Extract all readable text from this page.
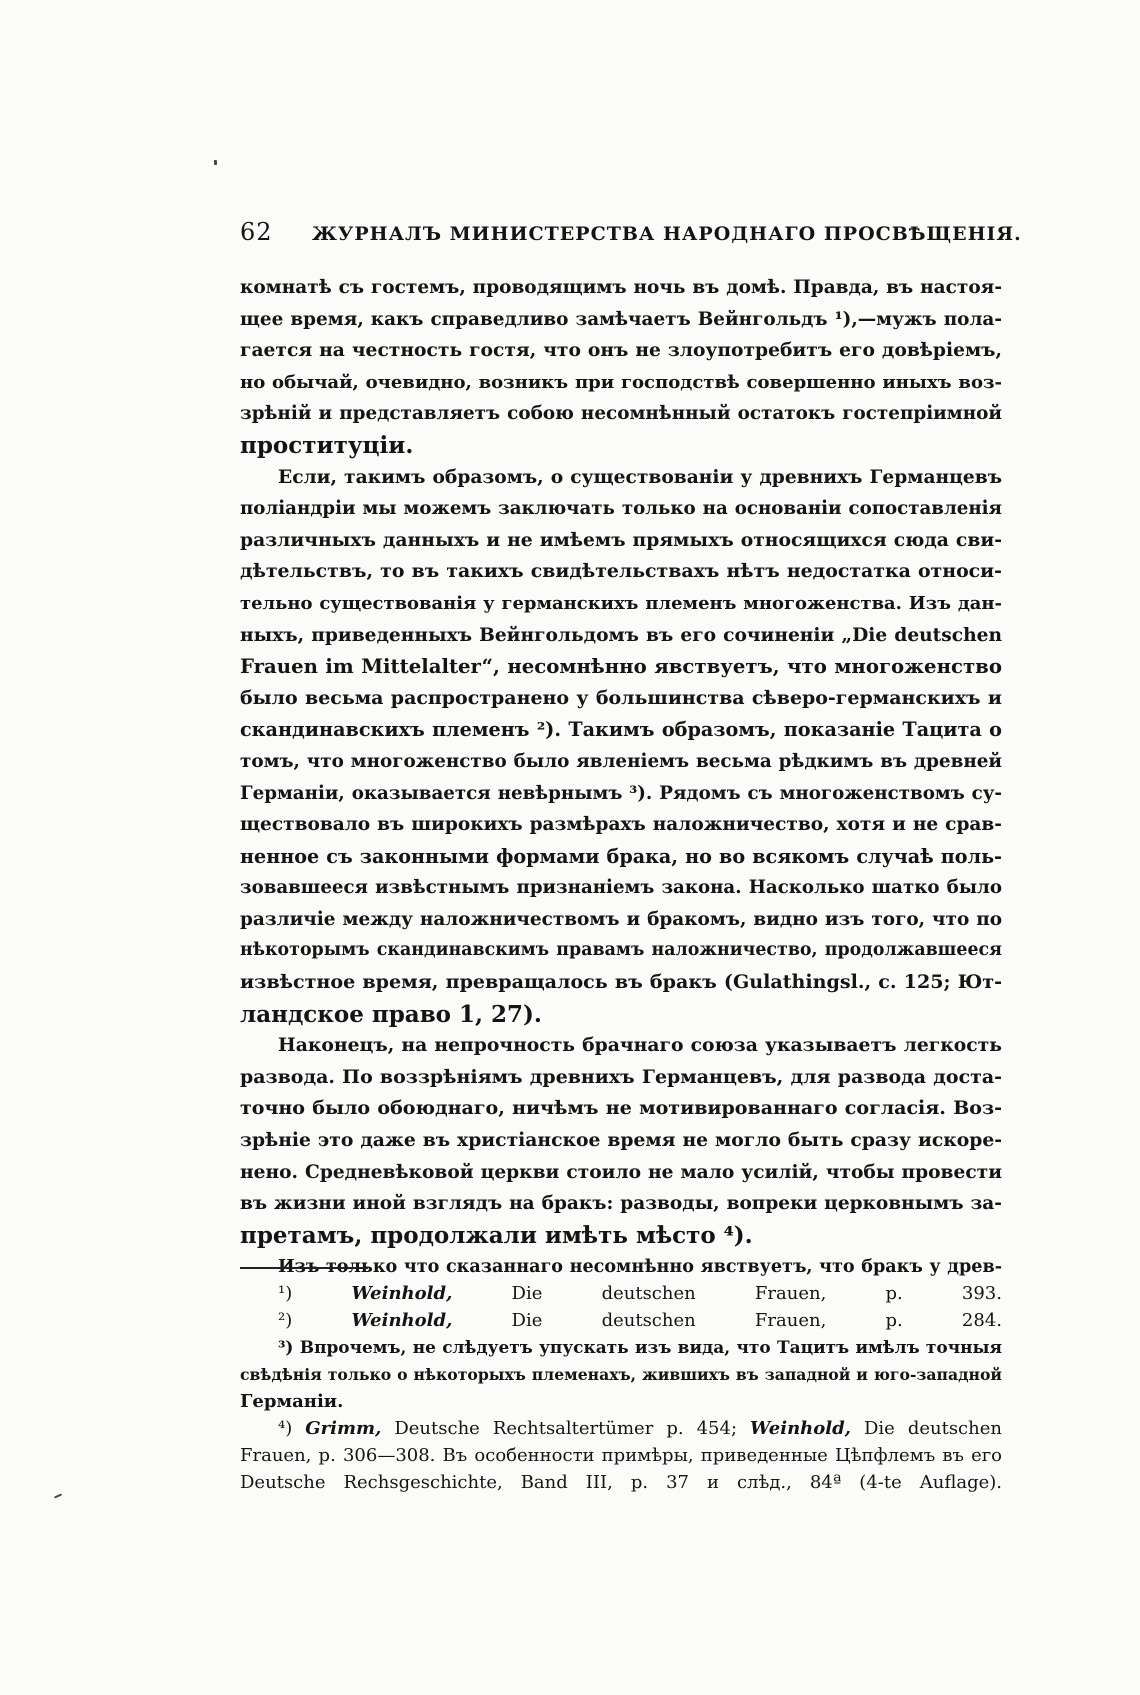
62 ЖУРНАЛЪ МИНИСТЕРСТВА НАРОДНАГО ПРОСВѢЩЕНІЯ.
комнатѣ съ гостемъ, проводящимъ ночь въ домѣ. Правда, въ настоя-
щее время, какъ справедливо замѣчаетъ Вейнгольдъ ¹),—мужъ пола-
гается на честность гостя, что онъ не злоупотребитъ его довѣріемъ,
но обычай, очевидно, возникъ при господствѣ совершенно иныхъ воз-
зрѣній и представляетъ собою несомнѣнный остатокъ гостепріимной
проституціи.
Если, такимъ образомъ, о существованіи у древнихъ Германцевъ
поліандріи мы можемъ заключать только на основаніи сопоставленія
различныхъ данныхъ и не имѣемъ прямыхъ относящихся сюда сви-
дѣтельствъ, то въ такихъ свидѣтельствахъ нѣтъ недостатка относи-
тельно существованія у германскихъ племенъ многоженства. Изъ дан-
ныхъ, приведенныхъ Вейнгольдомъ въ его сочиненіи „Die deutschen
Frauen im Mittelalter“, несомнѣнно явствуетъ, что многоженство
было весьма распространено у большинства сѣверо-германскихъ и
скандинавскихъ племенъ ²). Такимъ образомъ, показаніе Тацита о
томъ, что многоженство было явленіемъ весьма рѣдкимъ въ древней
Германіи, оказывается невѣрнымъ ³). Рядомъ съ многоженствомъ су-
ществовало въ широкихъ размѣрахъ наложничество, хотя и не срав-
ненное съ законными формами брака, но во всякомъ случаѣ поль-
зовавшееся извѣстнымъ признаніемъ закона. Насколько шатко было
различіе между наложничествомъ и бракомъ, видно изъ того, что по
нѣкоторымъ скандинавскимъ правамъ наложничество, продолжавшееся
извѣстное время, превращалось въ бракъ (Gulathingsl., с. 125; Ют-
ландское право 1, 27).
Наконецъ, на непрочность брачнаго союза указываетъ легкость
развода. По воззрѣніямъ древнихъ Германцевъ, для развода доста-
точно было обоюднаго, ничѣмъ не мотивированнаго согласія. Воз-
зрѣніе это даже въ христіанское время не могло быть сразу искоре-
нено. Средневѣковой церкви стоило не мало усилій, чтобы провести
въ жизни иной взглядъ на бракъ: разводы, вопреки церковнымъ за-
претамъ, продолжали имѣть мѣсто ⁴).
Изъ только что сказаннаго несомнѣнно явствуетъ, что бракъ у древ-
¹)	Weinhold, Die deutschen Frauen, p. 393.
²)	Weinhold, Die deutschen Frauen, p. 284.
³) Впрочемъ, не слѣдуетъ упускать изъ вида, что Тацитъ имѣлъ точныя
свѣдѣнія только о нѣкоторыхъ племенахъ, жившихъ въ западной и юго-западной
Германіи.
⁴) Grimm, Deutsche Rechtsaltertümer p. 454; Weinhold, Die deutschen
Frauen, p. 306—308. Въ особенности примѣры, приведенные Цѣпфлемъ въ его
Deutsche Rechsgeschichte, Band III, p. 37 и слѣд., 84ª (4-te Auflage).
